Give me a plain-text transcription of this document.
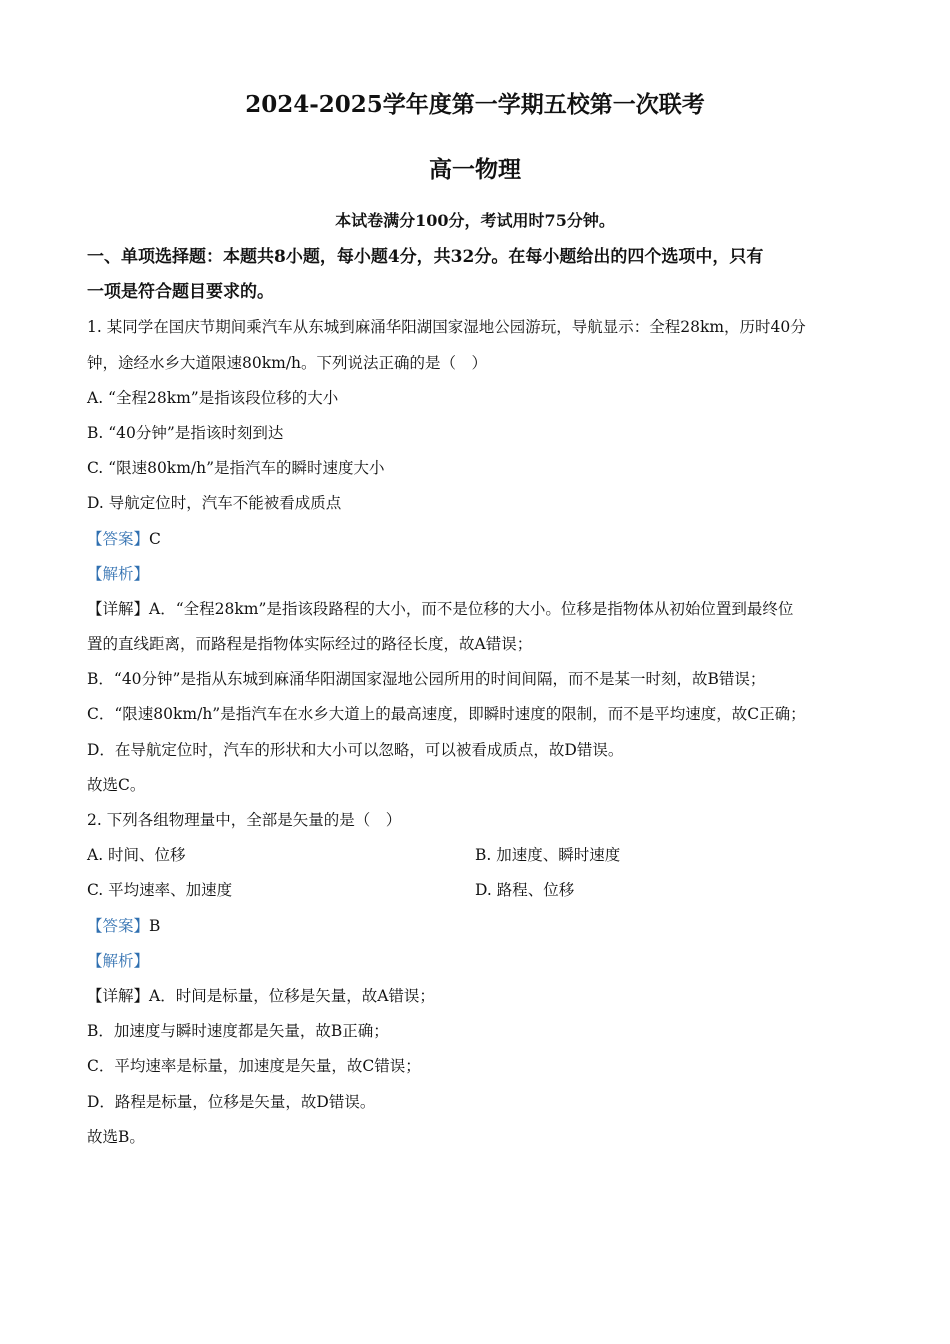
2024-2025学年度第一学期五校第一次联考
高一物理
本试卷满分100分，考试用时75分钟。
一、单项选择题：本题共8小题，每小题4分，共32分。在每小题给出的四个选项中，只有
一项是符合题目要求的。
1. 某同学在国庆节期间乘汽车从东城到麻涌华阳湖国家湿地公园游玩，导航显示：全程28km，历时40分
钟，途经水乡大道限速80km/h。下列说法正确的是（　）
A. “全程28km”是指该段位移的大小
B. “40分钟”是指该时刻到达
C. “限速80km/h”是指汽车的瞬时速度大小
D. 导航定位时，汽车不能被看成质点
【答案】C
【解析】
【详解】A．“全程28km”是指该段路程的大小，而不是位移的大小。位移是指物体从初始位置到最终位
置的直线距离，而路程是指物体实际经过的路径长度，故A错误；
B．“40分钟”是指从东城到麻涌华阳湖国家湿地公园所用的时间间隔，而不是某一时刻，故B错误；
C．“限速80km/h”是指汽车在水乡大道上的最高速度，即瞬时速度的限制，而不是平均速度，故C正确；
D．在导航定位时，汽车的形状和大小可以忽略，可以被看成质点，故D错误。
故选C。
2. 下列各组物理量中，全部是矢量的是（　）
A. 时间、位移	B. 加速度、瞬时速度
C. 平均速率、加速度	D. 路程、位移
【答案】B
【解析】
【详解】A．时间是标量，位移是矢量，故A错误；
B．加速度与瞬时速度都是矢量，故B正确；
C．平均速率是标量，加速度是矢量，故C错误；
D．路程是标量，位移是矢量，故D错误。
故选B。
